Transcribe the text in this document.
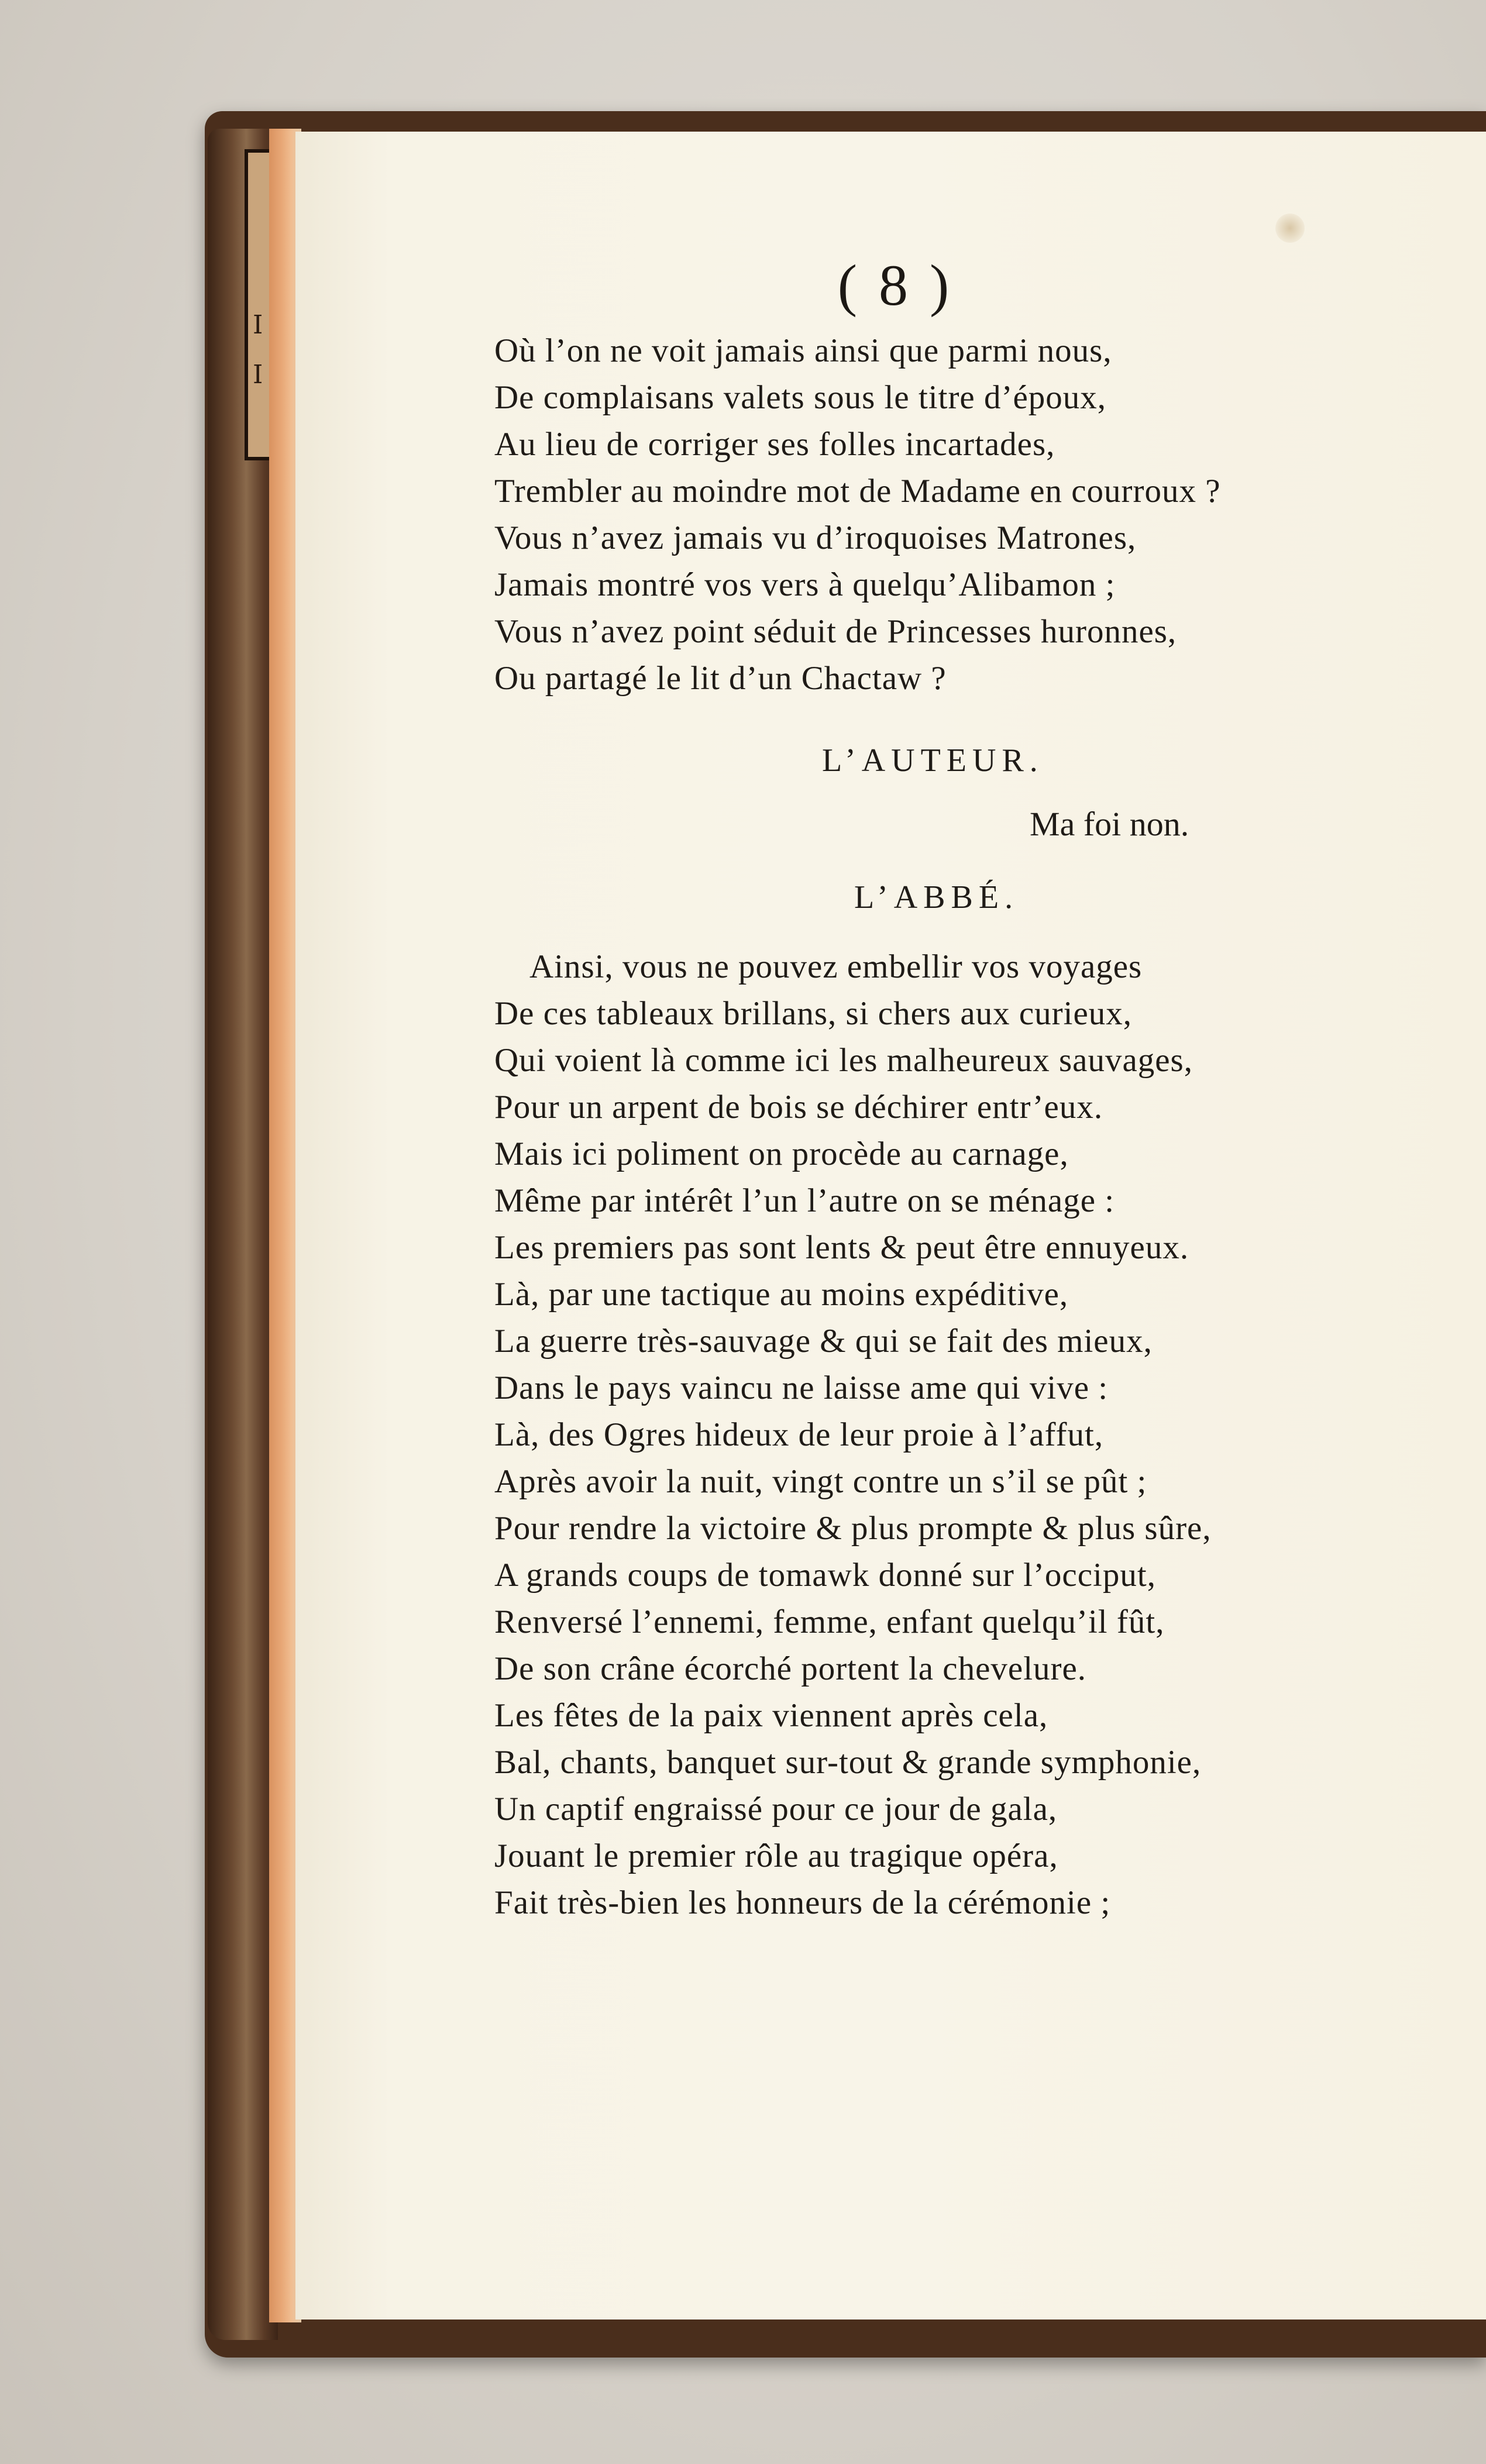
I
I
( 8 )
Où l’on ne voit jamais ainsi que parmi nous,
De complaisans valets sous le titre d’époux,
Au lieu de corriger ses folles incartades,
Trembler au moindre mot de Madame en courroux ?
Vous n’avez jamais vu d’iroquoises Matrones,
Jamais montré vos vers à quelqu’Alibamon ;
Vous n’avez point séduit de Princesses huronnes,
Ou partagé le lit d’un Chactaw ?
L’AUTEUR.
Ma foi non.
L’ABBÉ.
Ainsi, vous ne pouvez embellir vos voyages
De ces tableaux brillans, si chers aux curieux,
Qui voient là comme ici les malheureux sauvages,
Pour un arpent de bois se déchirer entr’eux.
Mais ici poliment on procède au carnage,
Même par intérêt l’un l’autre on se ménage :
Les premiers pas sont lents & peut être ennuyeux.
Là, par une tactique au moins expéditive,
La guerre très-sauvage & qui se fait des mieux,
Dans le pays vaincu ne laisse ame qui vive :
Là, des Ogres hideux de leur proie à l’affut,
Après avoir la nuit, vingt contre un s’il se pût ;
Pour rendre la victoire & plus prompte & plus sûre,
A grands coups de tomawk donné sur l’occiput,
Renversé l’ennemi, femme, enfant quelqu’il fût,
De son crâne écorché portent la chevelure.
Les fêtes de la paix viennent après cela,
Bal, chants, banquet sur-tout & grande symphonie,
Un captif engraissé pour ce jour de gala,
Jouant le premier rôle au tragique opéra,
Fait très-bien les honneurs de la cérémonie ;
